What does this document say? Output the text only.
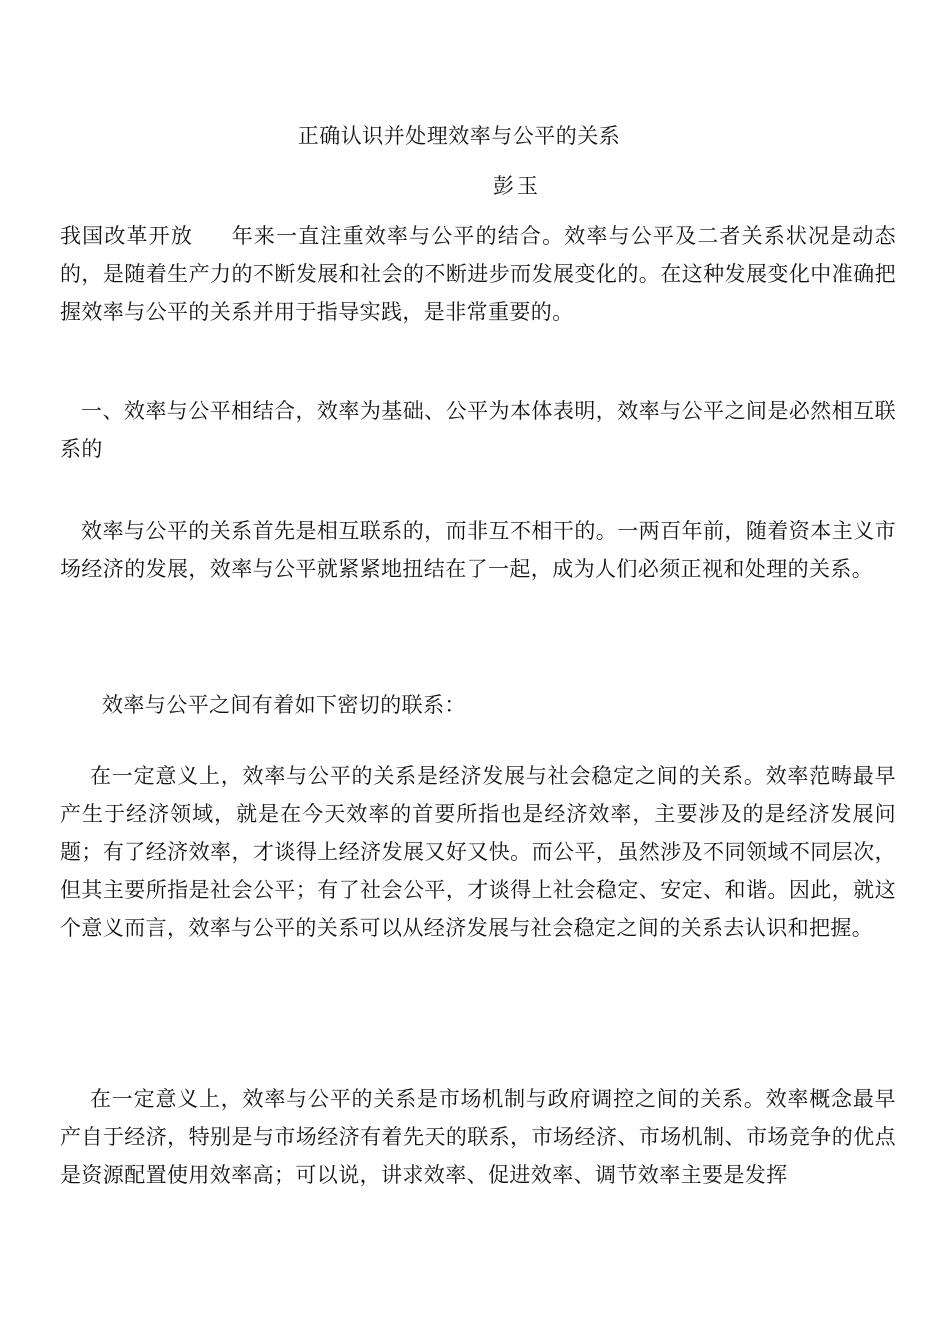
正确认识并处理效率与公平的关系
彭玉

我国改革开放 年来一直注重效率与公平的结合。效率与公平及二者关系状况是动态的，是随着生产力的不断发展和社会的不断进步而发展变化的。在这种发展变化中准确把握效率与公平的关系并用于指导实践，是非常重要的。

一、效率与公平相结合，效率为基础、公平为本体表明，效率与公平之间是必然相互联系的

效率与公平的关系首先是相互联系的，而非互不相干的。一两百年前，随着资本主义市场经济的发展，效率与公平就紧紧地扭结在了一起，成为人们必须正视和处理的关系。

效率与公平之间有着如下密切的联系：

在一定意义上，效率与公平的关系是经济发展与社会稳定之间的关系。效率范畴最早产生于经济领域，就是在今天效率的首要所指也是经济效率，主要涉及的是经济发展问题；有了经济效率，才谈得上经济发展又好又快。而公平，虽然涉及不同领域不同层次，但其主要所指是社会公平；有了社会公平，才谈得上社会稳定、安定、和谐。因此，就这个意义而言，效率与公平的关系可以从经济发展与社会稳定之间的关系去认识和把握。

在一定意义上，效率与公平的关系是市场机制与政府调控之间的关系。效率概念最早产自于经济，特别是与市场经济有着先天的联系，市场经济、市场机制、市场竞争的优点是资源配置使用效率高；可以说，讲求效率、促进效率、调节效率主要是发挥
